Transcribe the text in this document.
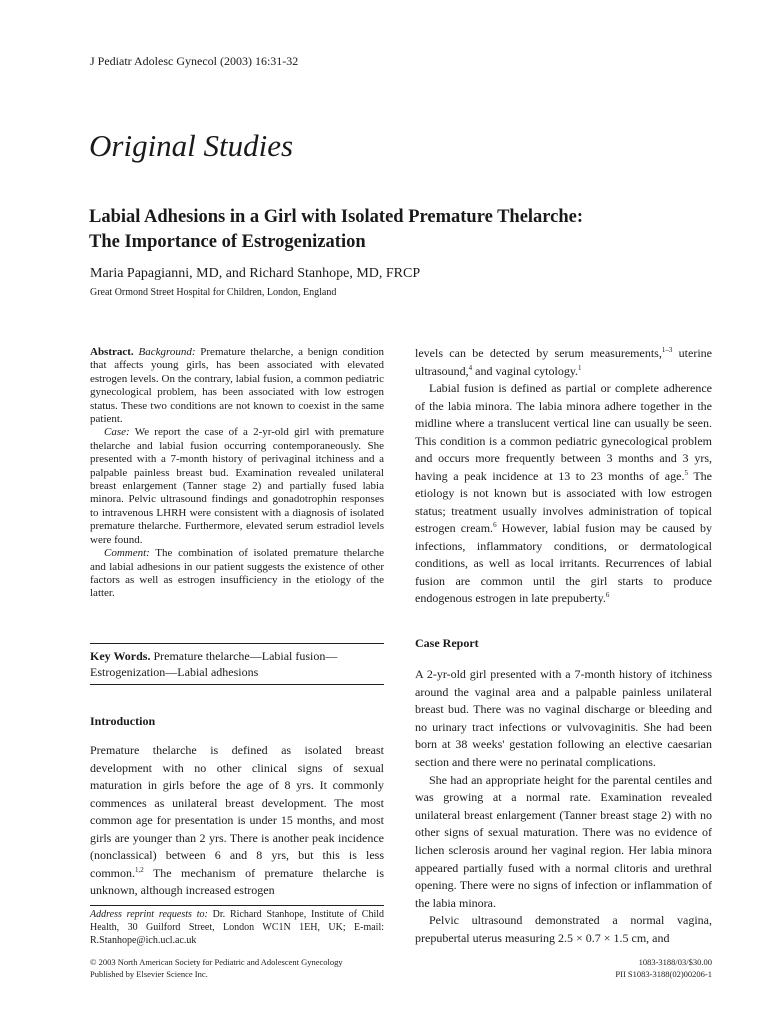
J Pediatr Adolesc Gynecol (2003) 16:31-32
Original Studies
Labial Adhesions in a Girl with Isolated Premature Thelarche:
The Importance of Estrogenization
Maria Papagianni, MD, and Richard Stanhope, MD, FRCP
Great Ormond Street Hospital for Children, London, England

Abstract. Background: Premature thelarche, a benign condition that affects young girls, has been associated with elevated estrogen levels. On the contrary, labial fusion, a common pediatric gynecological problem, has been associated with low estrogen status. These two conditions are not known to coexist in the same patient.

Case: We report the case of a 2-yr-old girl with premature thelarche and labial fusion occurring contemporaneously. She presented with a 7-month history of perivaginal itchiness and a palpable painless breast bud. Examination revealed unilateral breast enlargement (Tanner stage 2) and partially fused labia minora. Pelvic ultrasound findings and gonadotrophin responses to intravenous LHRH were consistent with a diagnosis of isolated premature thelarche. Furthermore, elevated serum estradiol levels were found.

Comment: The combination of isolated premature thelarche and labial adhesions in our patient suggests the existence of other factors as well as estrogen insufficiency in the etiology of the latter.

Key Words. Premature thelarche—Labial fusion—Estrogenization—Labial adhesions
Introduction

Premature thelarche is defined as isolated breast development with no other clinical signs of sexual maturation in girls before the age of 8 yrs. It commonly commences as unilateral breast development. The most common age for presentation is under 15 months, and most girls are younger than 2 yrs. There is another peak incidence (nonclassical) between 6 and 8 yrs, but this is less common.$^{1,2}$ The mechanism of premature thelarche is unknown, although increased estrogen

Address reprint requests to: Dr. Richard Stanhope, Institute of Child Health, 30 Guilford Street, London WC1N 1EH, UK; E-mail: R.Stanhope@ich.ucl.ac.uk

levels can be detected by serum measurements,$^{1-3}$ uterine ultrasound,$^4$ and vaginal cytology.$^1$

Labial fusion is defined as partial or complete adherence of the labia minora. The labia minora adhere together in the midline where a translucent vertical line can usually be seen. This condition is a common pediatric gynecological problem and occurs more frequently between 3 months and 3 yrs, having a peak incidence at 13 to 23 months of age.$^5$ The etiology is not known but is associated with low estrogen status; treatment usually involves administration of topical estrogen cream.$^6$ However, labial fusion may be caused by infections, inflammatory conditions, or dermatological conditions, as well as local irritants. Recurrences of labial fusion are common until the girl starts to produce endogenous estrogen in late prepuberty.$^6$

Case Report

A 2-yr-old girl presented with a 7-month history of itchiness around the vaginal area and a palpable painless unilateral breast bud. There was no vaginal discharge or bleeding and no urinary tract infections or vulvovaginitis. She had been born at 38 weeks' gestation following an elective caesarian section and there were no perinatal complications.

She had an appropriate height for the parental centiles and was growing at a normal rate. Examination revealed unilateral breast enlargement (Tanner breast stage 2) with no other signs of sexual maturation. There was no evidence of lichen sclerosis around her vaginal region. Her labia minora appeared partially fused with a normal clitoris and urethral opening. There were no signs of infection or inflammation of the labia minora.

Pelvic ultrasound demonstrated a normal vagina, prepubertal uterus measuring 2.5 × 0.7 × 1.5 cm, and

© 2003 North American Society for Pediatric and Adolescent Gynecology
Published by Elsevier Science Inc.
1083-3188/03/$30.00
PII S1083-3188(02)00206-1
